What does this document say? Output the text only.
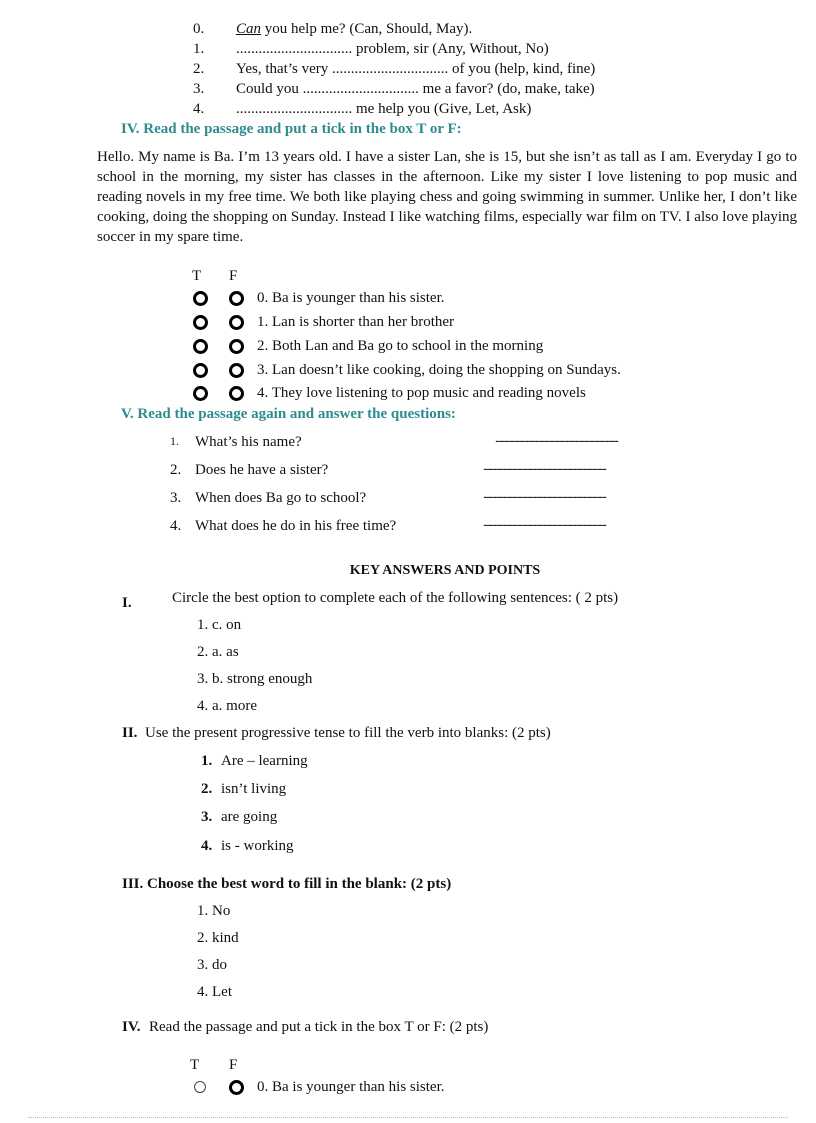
0. Can you help me? (Can, Should, May).
1. ............................... problem, sir (Any, Without, No)
2. Yes, that’s very ............................... of you (help, kind, fine)
3. Could you ............................... me a favor? (do, make, take)
4. ............................... me help you (Give, Let, Ask)
IV. Read the passage and put a tick in the box T or F:
Hello. My name is Ba. I’m 13 years old. I have a sister Lan, she is 15, but she isn’t as tall as I am. Everyday I go to school in the morning, my sister has classes in the afternoon. Like my sister I love listening to pop music and reading novels in my free time. We both like playing chess and going swimming in summer. Unlike her, I don’t like cooking, doing the shopping on Sunday. Instead I like watching films, especially war film on TV. I also love playing soccer in my spare time.
T F
0. Ba is younger than his sister.
1. Lan is shorter than her brother
2. Both Lan and Ba go to school in the morning
3. Lan doesn’t like cooking, doing the shopping on Sundays.
4. They love listening to pop music and reading novels
V. Read the passage again and answer the questions:
1. What’s his name?	..................................................................................................
2. Does he have a sister?	..................................................................................................
3. When does Ba go to school?	..................................................................................................
4. What does he do in his free time?	..................................................................................................
KEY ANSWERS AND POINTS
I.	Circle the best option to complete each of the following sentences: ( 2 pts)
1. c. on
2. a. as
3. b. strong enough
4. a. more
II. Use the present progressive tense to fill the verb into blanks: (2 pts)
1. Are – learning
2. isn’t living
3. are going
4. is - working
III. Choose the best word to fill in the blank: (2 pts)
1. No
2. kind
3. do
4. Let
IV. Read the passage and put a tick in the box T or F: (2 pts)
T F
0. Ba is younger than his sister.
